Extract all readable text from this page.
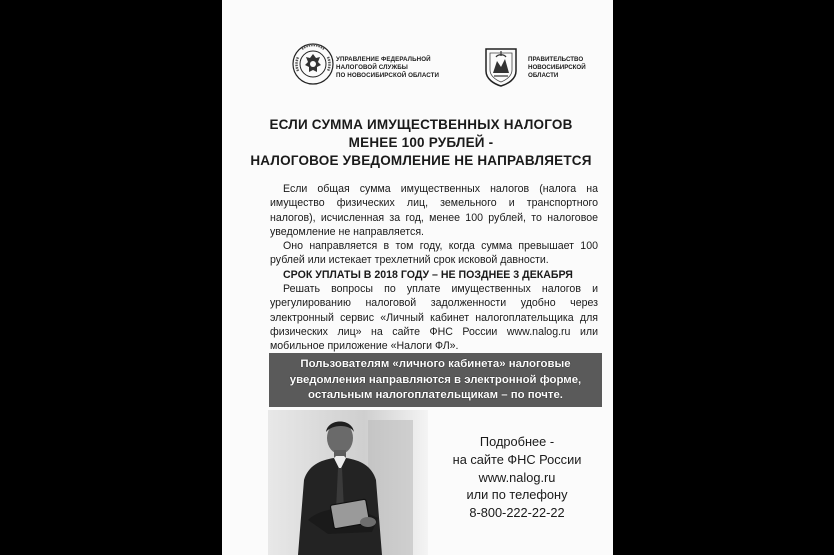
УПРАВЛЕНИЕ ФЕДЕРАЛЬНОЙ
НАЛОГОВОЙ СЛУЖБЫ
ПО НОВОСИБИРСКОЙ ОБЛАСТИ
ПРАВИТЕЛЬСТВО
НОВОСИБИРСКОЙ
ОБЛАСТИ
ЕСЛИ СУММА ИМУЩЕСТВЕННЫХ НАЛОГОВ
МЕНЕЕ 100 РУБЛЕЙ -
НАЛОГОВОЕ УВЕДОМЛЕНИЕ НЕ НАПРАВЛЯЕТСЯ

Если общая сумма имущественных налогов (налога на имущество физических лиц, земельного и транспортного налогов), исчисленная за год, менее 100 рублей, то налоговое уведомление не направляется.

Оно направляется в том году, когда сумма превышает 100 рублей или истекает трехлетний срок исковой давности.

СРОК УПЛАТЫ В 2018 ГОДУ – НЕ ПОЗДНЕЕ 3 ДЕКАБРЯ

Решать вопросы по уплате имущественных налогов и урегулированию налоговой задолженности удобно через электронный сервис «Личный кабинет налогоплательщика для физических лиц» на сайте ФНС России www.nalog.ru или мобильное приложение «Налоги ФЛ».

Пользователям «личного кабинета» налоговые
уведомления направляются в электронной форме,
остальным налогоплательщикам – по почте.
Подробнее -
на сайте ФНС России
www.nalog.ru
или по телефону
8-800-222-22-22
